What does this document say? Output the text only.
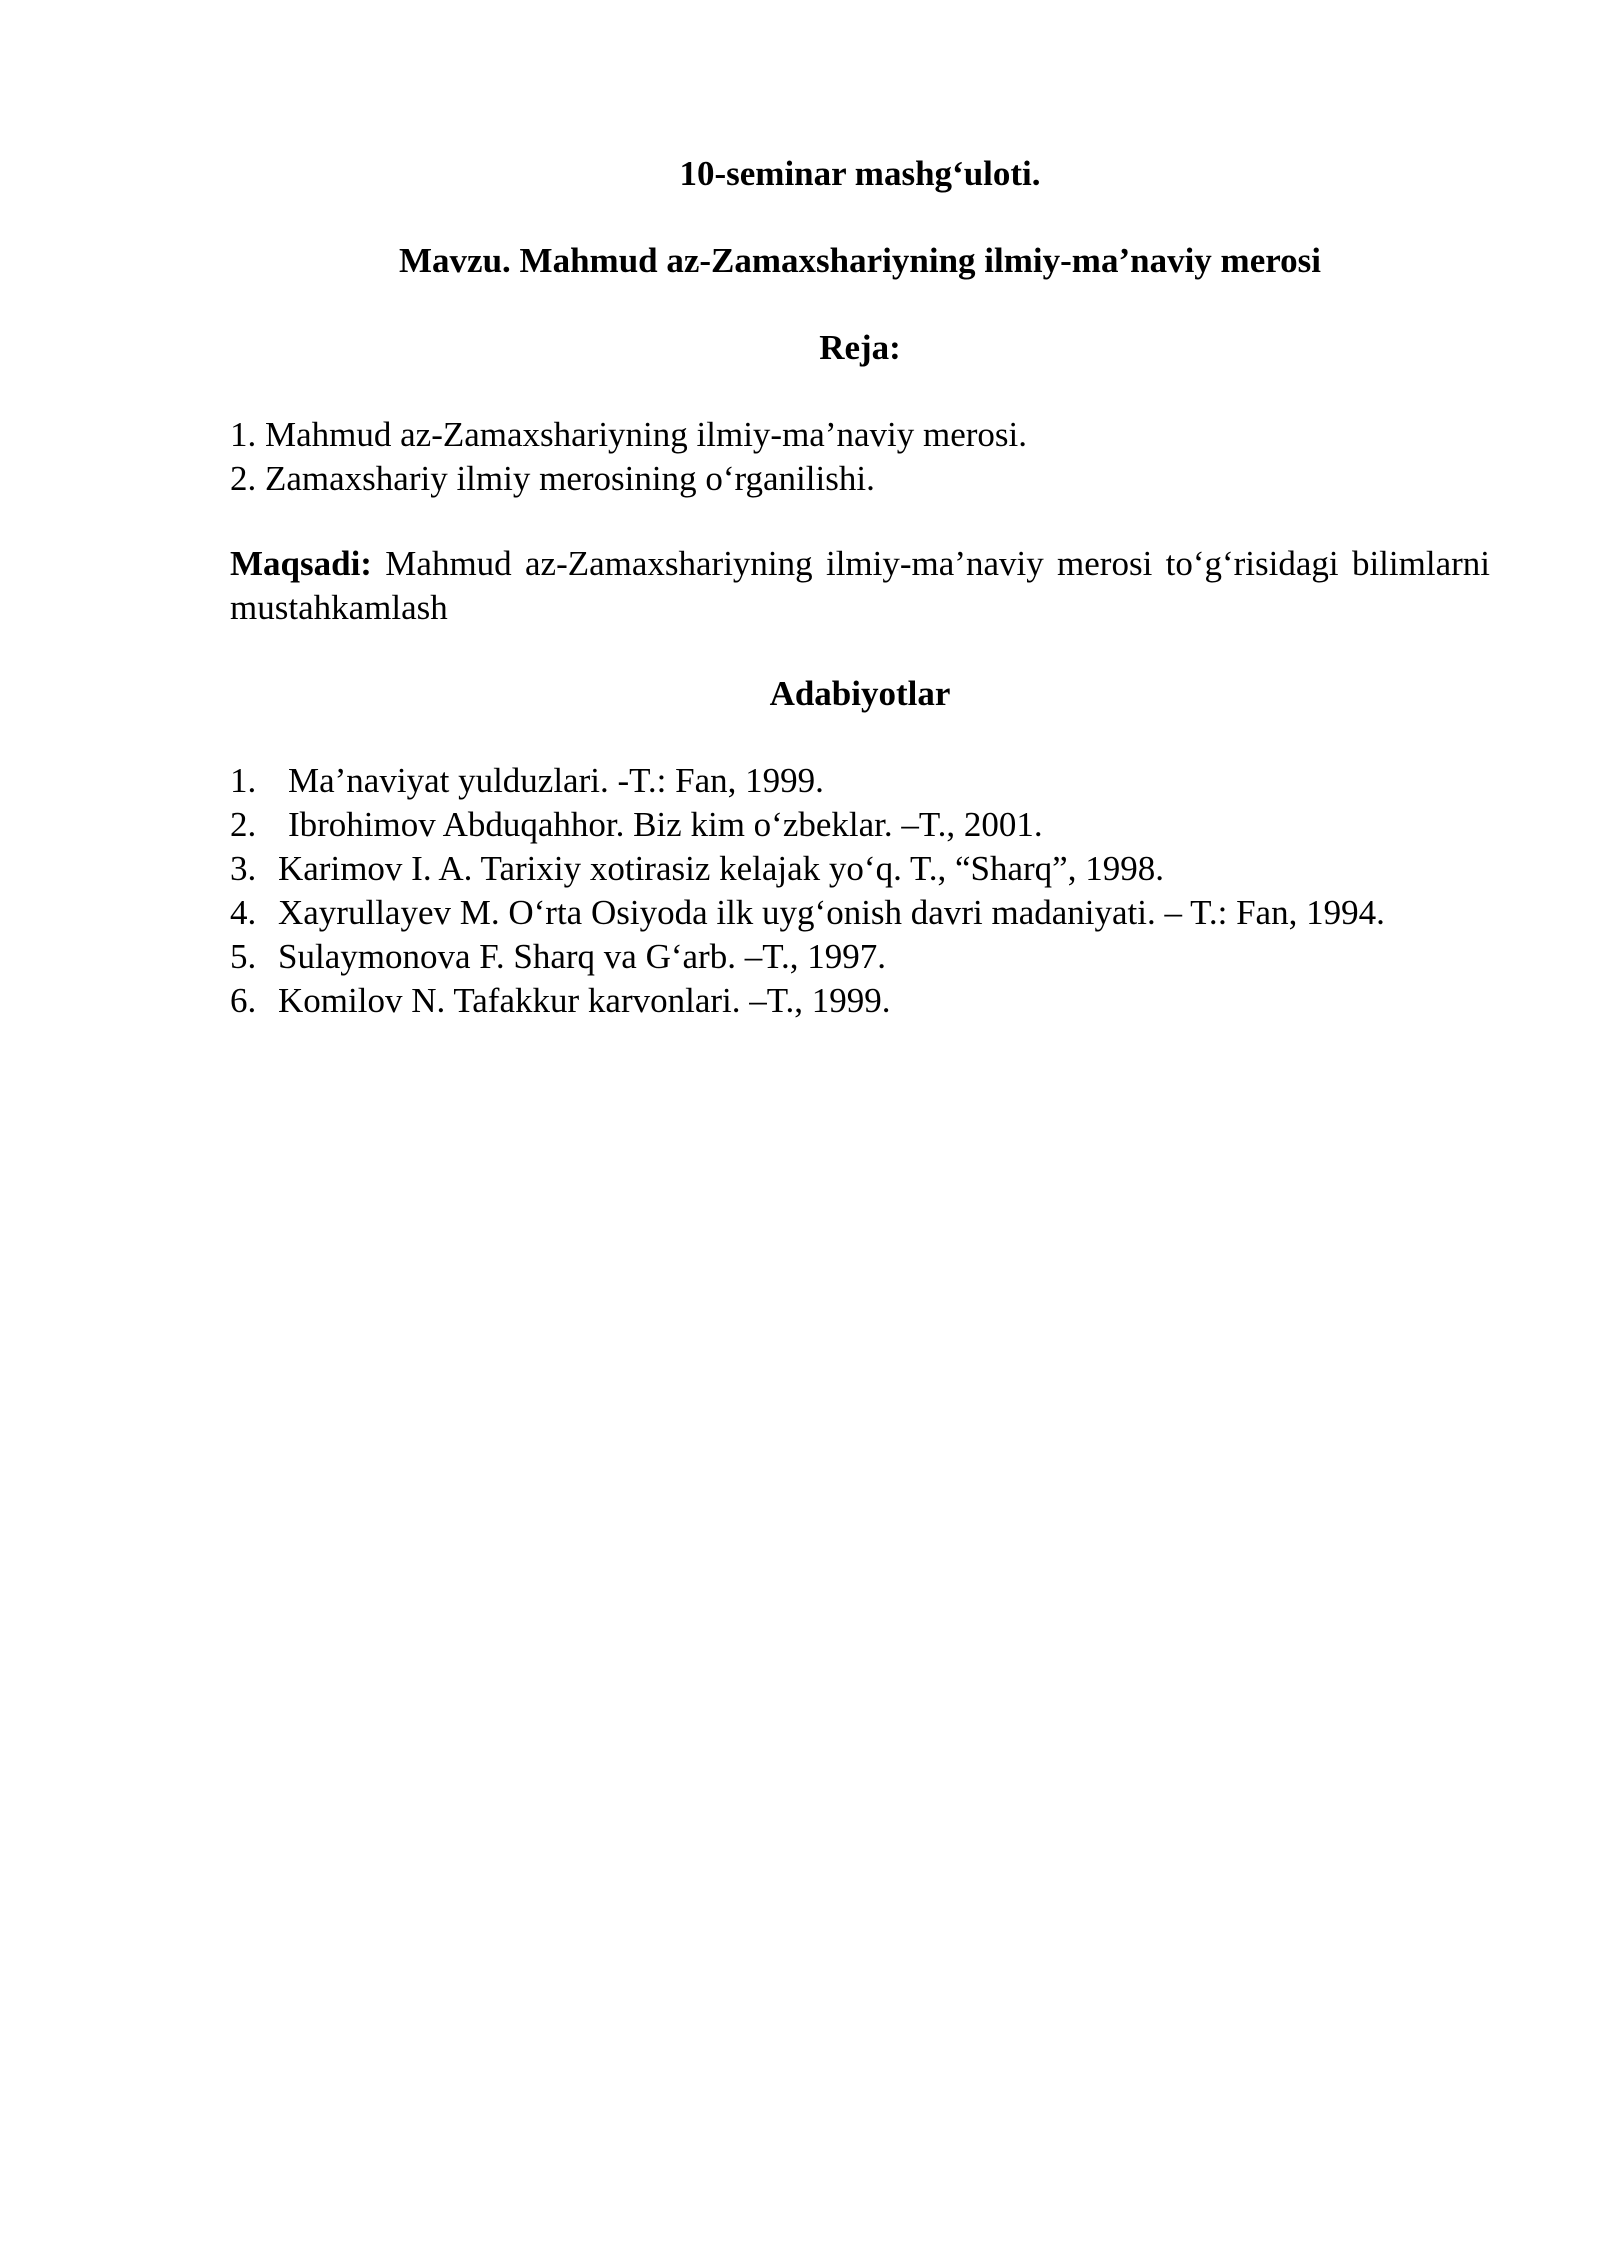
10-seminar mashg‘uloti.
Mavzu. Mahmud az-Zamaxshariyning ilmiy-ma’naviy merosi
Reja:
1. Mahmud az-Zamaxshariyning ilmiy-ma’naviy merosi.
2. Zamaxshariy ilmiy merosining o‘rganilishi.
Maqsadi: Mahmud az-Zamaxshariyning ilmiy-ma’naviy merosi to‘g‘risidagi bilimlarni mustahkamlash
Adabiyotlar
1. Ma’naviyat yulduzlari. -T.: Fan, 1999.
2. Ibrohimov Abduqahhor. Biz kim o‘zbeklar. –T., 2001.
3. Karimov I. A. Tarixiy xotirasiz kelajak yo‘q. T., “Sharq”, 1998.
4. Xayrullayev M. O‘rta Osiyoda ilk uyg‘onish davri madaniyati. – T.: Fan, 1994.
5. Sulaymonova F. Sharq va G‘arb. –T., 1997.
6. Komilov N. Tafakkur karvonlari. –T., 1999.
